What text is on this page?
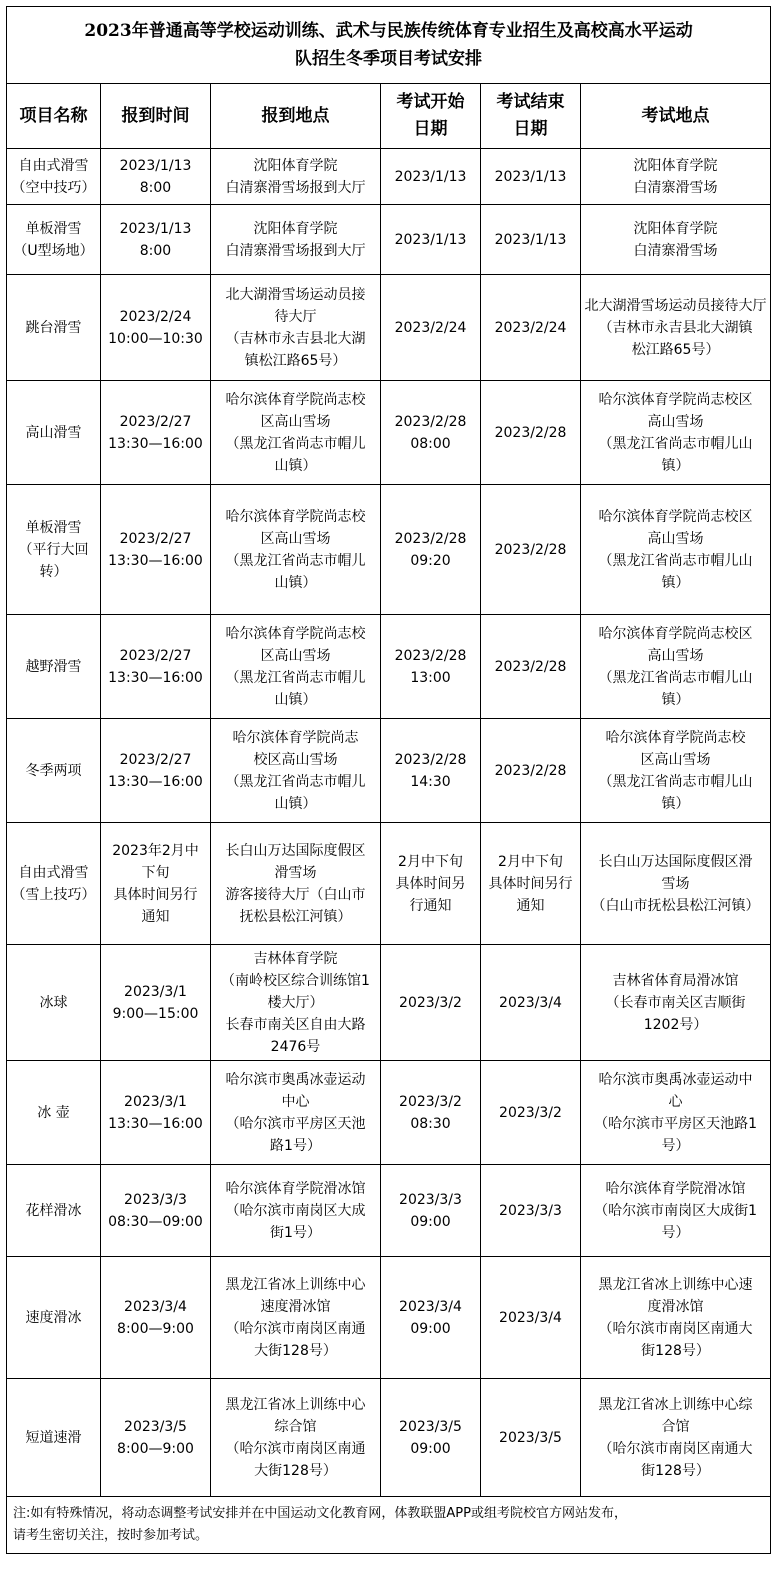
2023年普通高等学校运动训练、武术与民族传统体育专业招生及高校高水平运动
队招生冬季项目考试安排					

项目名称	报到时间	报到地点	考试开始
日期	考试结束
日期	考试地点

自由式滑雪
（空中技巧）	2023/1/13
8:00	沈阳体育学院
白清寨滑雪场报到大厅	2023/1/13	2023/1/13	沈阳体育学院
白清寨滑雪场

单板滑雪
（U型场地）	2023/1/13
8:00	沈阳体育学院
白清寨滑雪场报到大厅	2023/1/13	2023/1/13	沈阳体育学院
白清寨滑雪场

跳台滑雪	2023/2/24
10:00—10:30	北大湖滑雪场运动员接
待大厅
（吉林市永吉县北大湖
镇松江路65号）	2023/2/24	2023/2/24	北大湖滑雪场运动员接待大厅
（吉林市永吉县北大湖镇
松江路65号）

高山滑雪	2023/2/27
13:30—16:00	哈尔滨体育学院尚志校
区高山雪场
（黑龙江省尚志市帽儿
山镇）	2023/2/28
08:00	2023/2/28	哈尔滨体育学院尚志校区
高山雪场
（黑龙江省尚志市帽儿山
镇）

单板滑雪
（平行大回
转）	2023/2/27
13:30—16:00	哈尔滨体育学院尚志校
区高山雪场
（黑龙江省尚志市帽儿
山镇）	2023/2/28
09:20	2023/2/28	哈尔滨体育学院尚志校区
高山雪场
（黑龙江省尚志市帽儿山
镇）

越野滑雪	2023/2/27
13:30—16:00	哈尔滨体育学院尚志校
区高山雪场
（黑龙江省尚志市帽儿
山镇）	2023/2/28
13:00	2023/2/28	哈尔滨体育学院尚志校区
高山雪场
（黑龙江省尚志市帽儿山
镇）

冬季两项	2023/2/27
13:30—16:00	哈尔滨体育学院尚志
校区高山雪场
（黑龙江省尚志市帽儿
山镇）	2023/2/28
14:30	2023/2/28	哈尔滨体育学院尚志校
区高山雪场
（黑龙江省尚志市帽儿山
镇）

自由式滑雪
（雪上技巧）	2023年2月中
下旬
具体时间另行
通知	长白山万达国际度假区
滑雪场
游客接待大厅（白山市
抚松县松江河镇）	2月中下旬
具体时间另
行通知	2月中下旬
具体时间另行
通知	长白山万达国际度假区滑
雪场
（白山市抚松县松江河镇）

冰球	2023/3/1
9:00—15:00	吉林体育学院
（南岭校区综合训练馆1
楼大厅）
长春市南关区自由大路
2476号	2023/3/2	2023/3/4	吉林省体育局滑冰馆
（长春市南关区吉顺街
1202号）

冰 壶	2023/3/1
13:30—16:00	哈尔滨市奥禹冰壶运动
中心
（哈尔滨市平房区天池
路1号）	2023/3/2
08:30	2023/3/2	哈尔滨市奥禹冰壶运动中
心
（哈尔滨市平房区天池路1
号）

花样滑冰	2023/3/3
08:30—09:00	哈尔滨体育学院滑冰馆
（哈尔滨市南岗区大成
街1号）	2023/3/3
09:00	2023/3/3	哈尔滨体育学院滑冰馆
（哈尔滨市南岗区大成街1
号）

速度滑冰	2023/3/4
8:00—9:00	黑龙江省冰上训练中心
速度滑冰馆
（哈尔滨市南岗区南通
大街128号）	2023/3/4
09:00	2023/3/4	黑龙江省冰上训练中心速
度滑冰馆
（哈尔滨市南岗区南通大
街128号）

短道速滑	2023/3/5
8:00—9:00	黑龙江省冰上训练中心
综合馆
（哈尔滨市南岗区南通
大街128号）	2023/3/5
09:00	2023/3/5	黑龙江省冰上训练中心综
合馆
（哈尔滨市南岗区南通大
街128号）

注:如有特殊情况，将动态调整考试安排并在中国运动文化教育网，体教联盟APP或组考院校官方网站发布，
请考生密切关注，按时参加考试。					
